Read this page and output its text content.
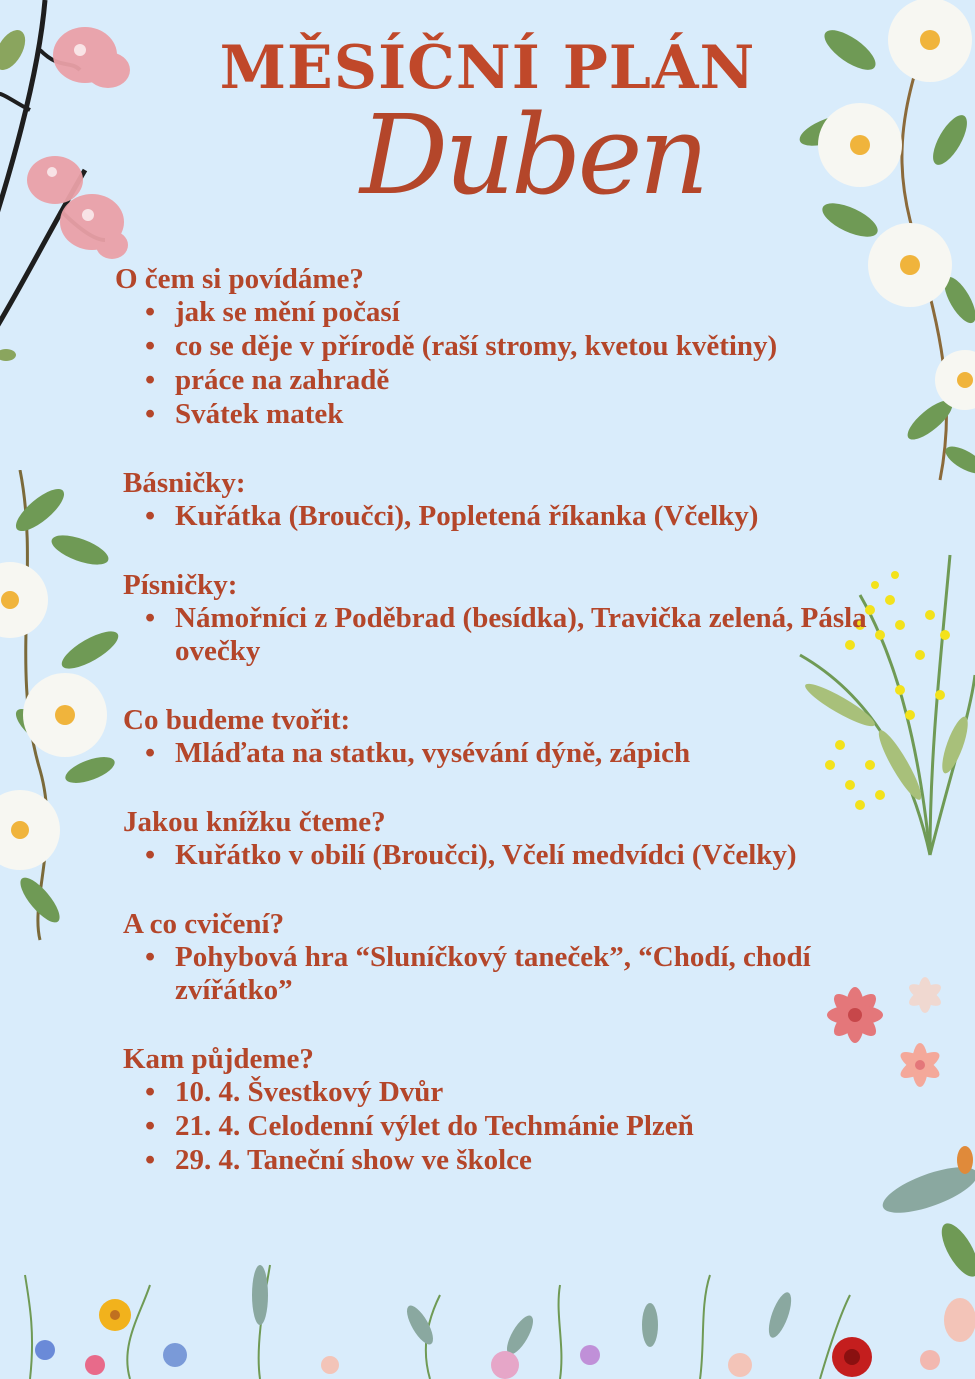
MĚSÍČNÍ PLÁN
Duben

O čem si povídáme?

• jak se mění počasí
• co se děje v přírodě (raší stromy, kvetou květiny)
• práce na zahradě
• Svátek matek

Básničky:

• Kuřátka (Broučci), Popletená říkanka (Včelky)

Písničky:

• Námořníci z Poděbrad (besídka), Travička zelená, Pásla ovečky

Co budeme tvořit:

• Mláďata na statku, vysévání dýně, zápich

Jakou knížku čteme?

• Kuřátko v obilí (Broučci), Včelí medvídci (Včelky)

A co cvičení?

• Pohybová hra “Sluníčkový taneček”, “Chodí, chodí zvířátko”

Kam půjdeme?

• 10. 4. Švestkový Dvůr
• 21. 4. Celodenní výlet do Techmánie Plzeň
• 29. 4. Taneční show ve školce
